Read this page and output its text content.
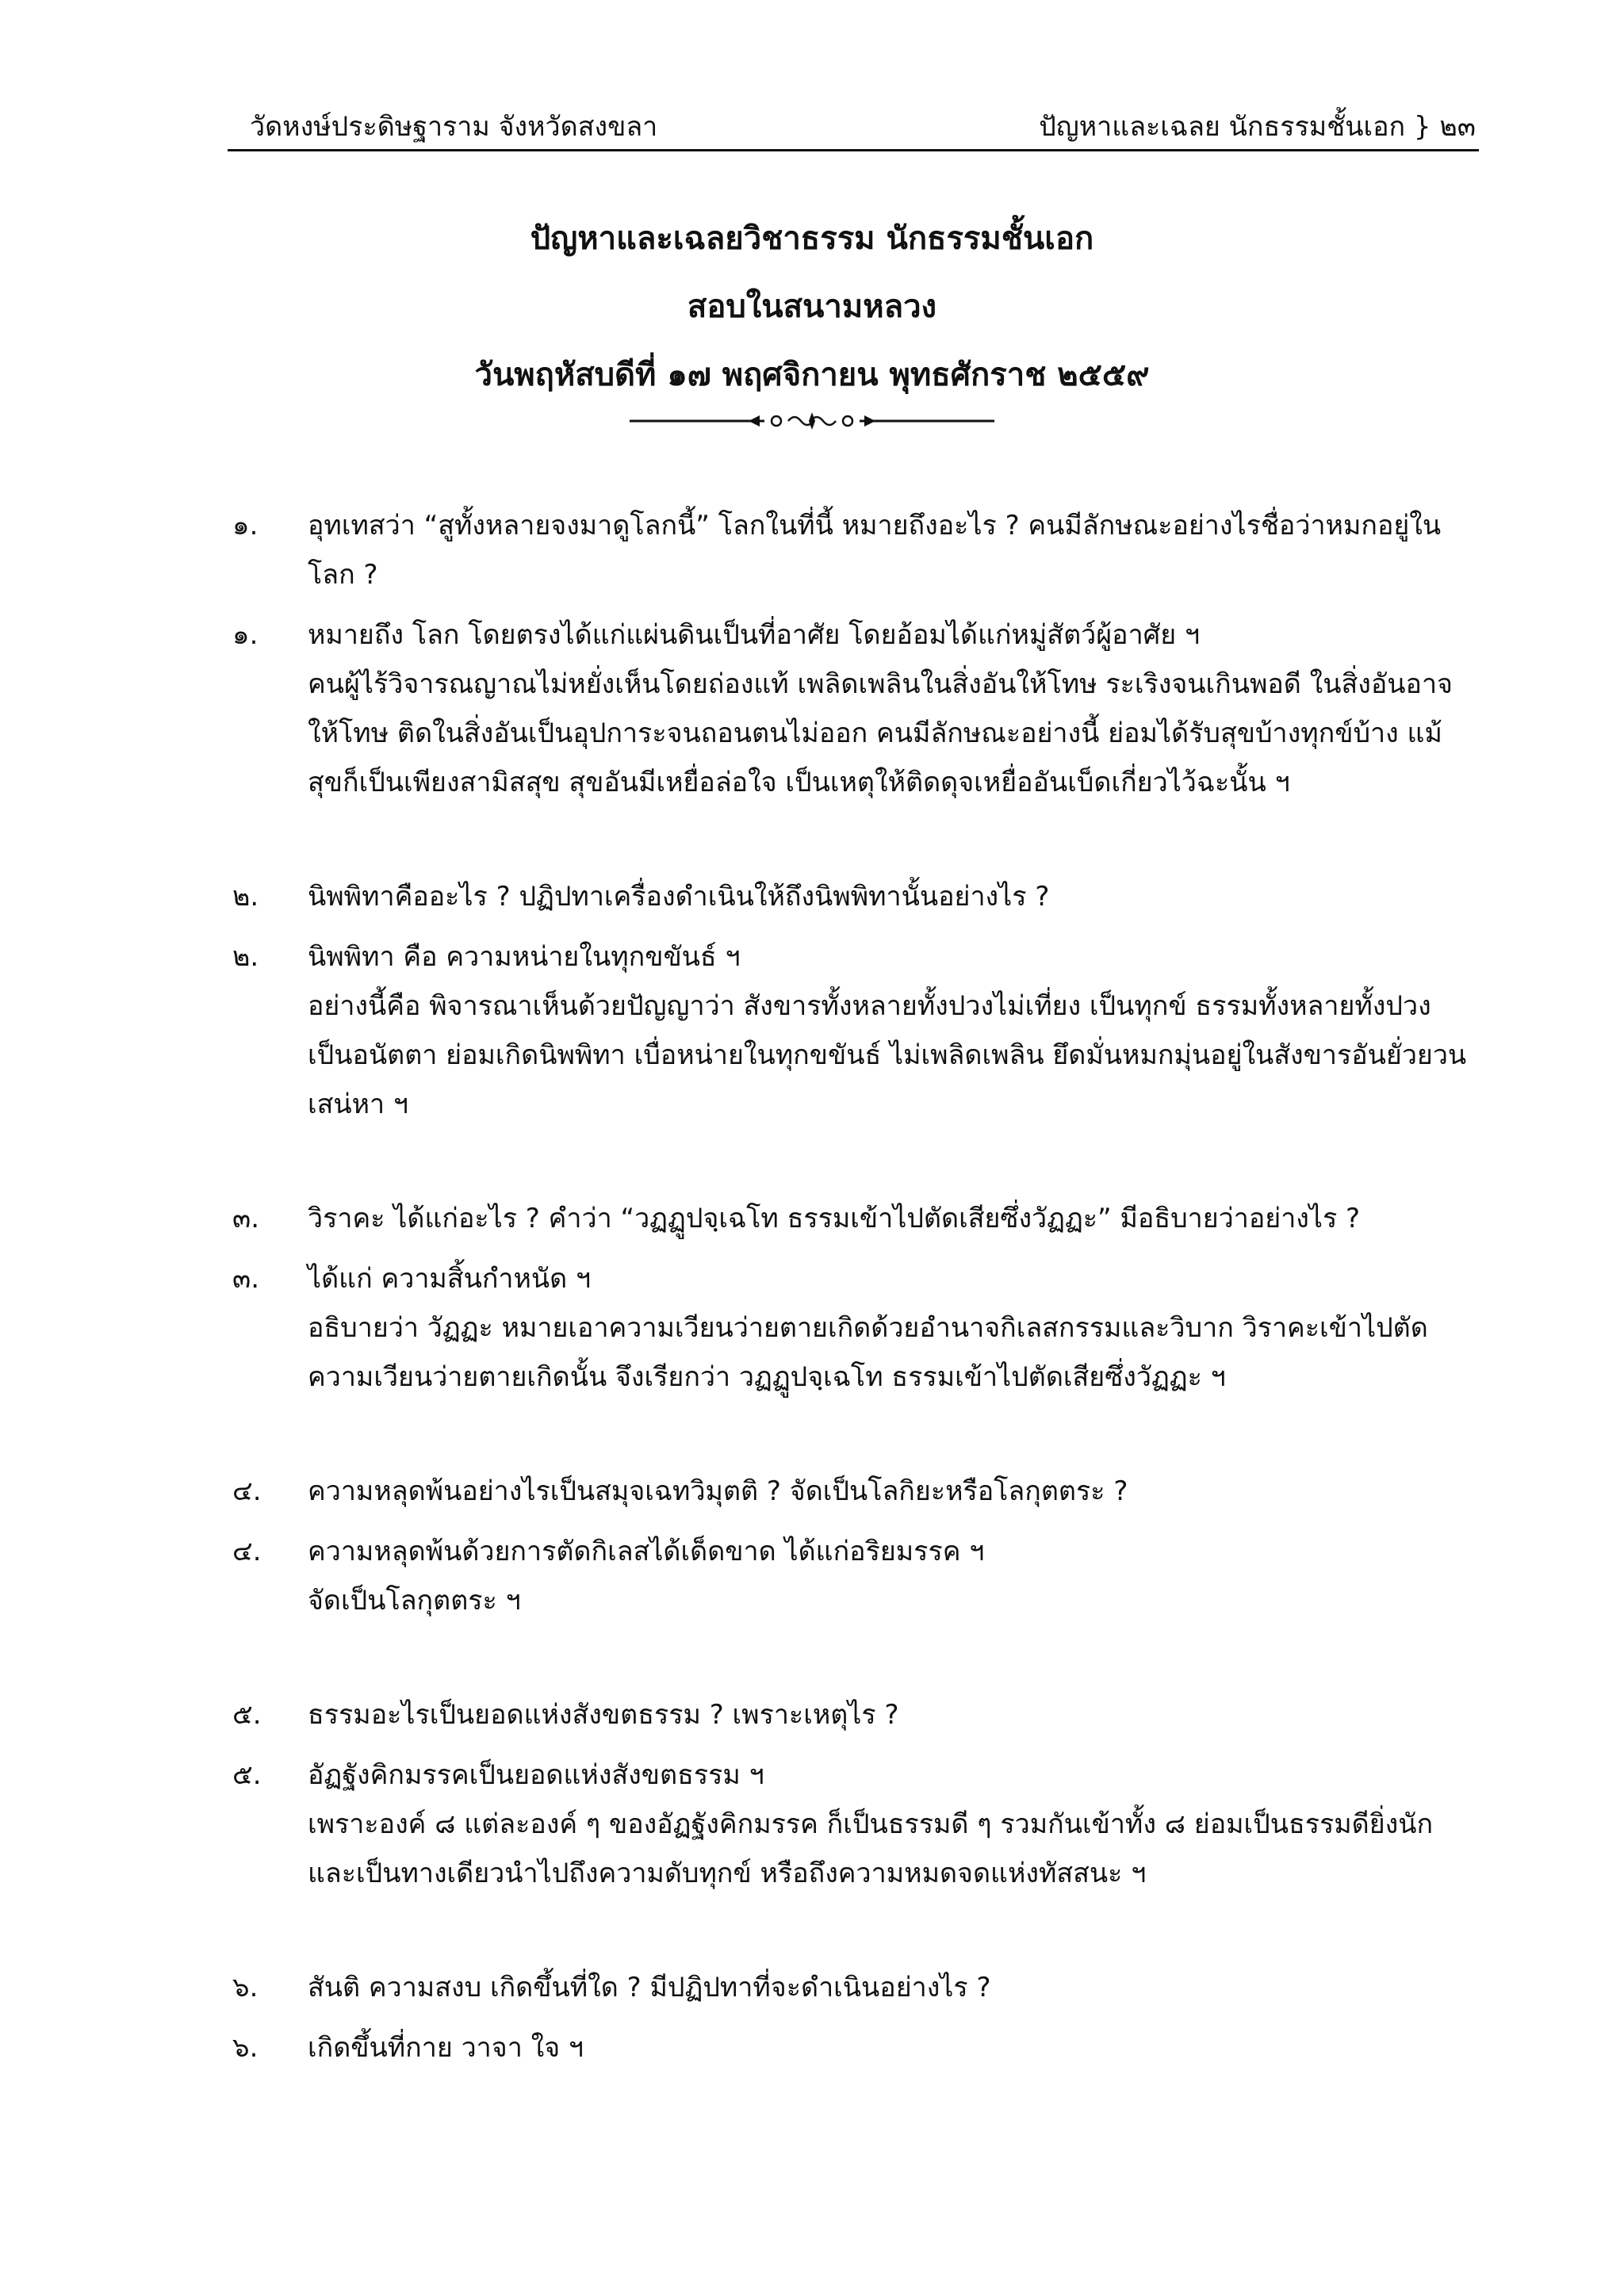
วัดหงษ์ประดิษฐาราม จังหวัดสงขลา	ปัญหาและเฉลย นักธรรมชั้นเอก } ๒๓
ปัญหาและเฉลยวิชาธรรม นักธรรมชั้นเอก
สอบในสนามหลวง
วันพฤหัสบดีที่ ๑๗ พฤศจิกายน พุทธศักราช ๒๕๕๙
๑. อุทเทสว่า “สูทั้งหลายจงมาดูโลกนี้” โลกในที่นี้ หมายถึงอะไร ? คนมีลักษณะอย่างไรชื่อว่าหมกอยู่ในโลก ?
๑. หมายถึง โลก โดยตรงได้แก่แผ่นดินเป็นที่อาศัย โดยอ้อมได้แก่หมู่สัตว์ผู้อาศัย ฯ
คนผู้ไร้วิจารณญาณไม่หยั่งเห็นโดยถ่องแท้ เพลิดเพลินในสิ่งอันให้โทษ ระเริงจนเกินพอดี ในสิ่งอันอาจให้โทษ ติดในสิ่งอันเป็นอุปการะจนถอนตนไม่ออก คนมีลักษณะอย่างนี้ ย่อมได้รับสุขบ้างทุกข์บ้าง แม้สุขก็เป็นเพียงสามิสสุข สุขอันมีเหยื่อล่อใจ เป็นเหตุให้ติดดุจเหยื่ออันเบ็ดเกี่ยวไว้ฉะนั้น ฯ
๒. นิพพิทาคืออะไร ? ปฏิปทาเครื่องดำเนินให้ถึงนิพพิทานั้นอย่างไร ?
๒. นิพพิทา คือ ความหน่ายในทุกขขันธ์ ฯ
อย่างนี้คือ พิจารณาเห็นด้วยปัญญาว่า สังขารทั้งหลายทั้งปวงไม่เที่ยง เป็นทุกข์ ธรรมทั้งหลายทั้งปวงเป็นอนัตตา ย่อมเกิดนิพพิทา เบื่อหน่ายในทุกขขันธ์ ไม่เพลิดเพลิน ยึดมั่นหมกมุ่นอยู่ในสังขารอันยั่วยวนเสน่หา ฯ
๓. วิราคะ ได้แก่อะไร ? คำว่า “วฏฏูปจฺเฉโท ธรรมเข้าไปตัดเสียซึ่งวัฏฏะ” มีอธิบายว่าอย่างไร ?
๓. ได้แก่ ความสิ้นกำหนัด ฯ
อธิบายว่า วัฏฏะ หมายเอาความเวียนว่ายตายเกิดด้วยอำนาจกิเลสกรรมและวิบาก วิราคะเข้าไปตัดความเวียนว่ายตายเกิดนั้น จึงเรียกว่า วฏฏูปจฺเฉโท ธรรมเข้าไปตัดเสียซึ่งวัฏฏะ ฯ
๔. ความหลุดพ้นอย่างไรเป็นสมุจเฉทวิมุตติ ? จัดเป็นโลกิยะหรือโลกุตตระ ?
๔. ความหลุดพ้นด้วยการตัดกิเลสได้เด็ดขาด ได้แก่อริยมรรค ฯ
จัดเป็นโลกุตตระ ฯ
๕. ธรรมอะไรเป็นยอดแห่งสังขตธรรม ? เพราะเหตุไร ?
๕. อัฏฐังคิกมรรคเป็นยอดแห่งสังขตธรรม ฯ
เพราะองค์ ๘ แต่ละองค์ ๆ ของอัฏฐังคิกมรรค ก็เป็นธรรมดี ๆ รวมกันเข้าทั้ง ๘ ย่อมเป็นธรรมดียิ่งนัก และเป็นทางเดียวนำไปถึงความดับทุกข์ หรือถึงความหมดจดแห่งทัสสนะ ฯ
๖. สันติ ความสงบ เกิดขึ้นที่ใด ? มีปฏิปทาที่จะดำเนินอย่างไร ?
๖. เกิดขึ้นที่กาย วาจา ใจ ฯ
